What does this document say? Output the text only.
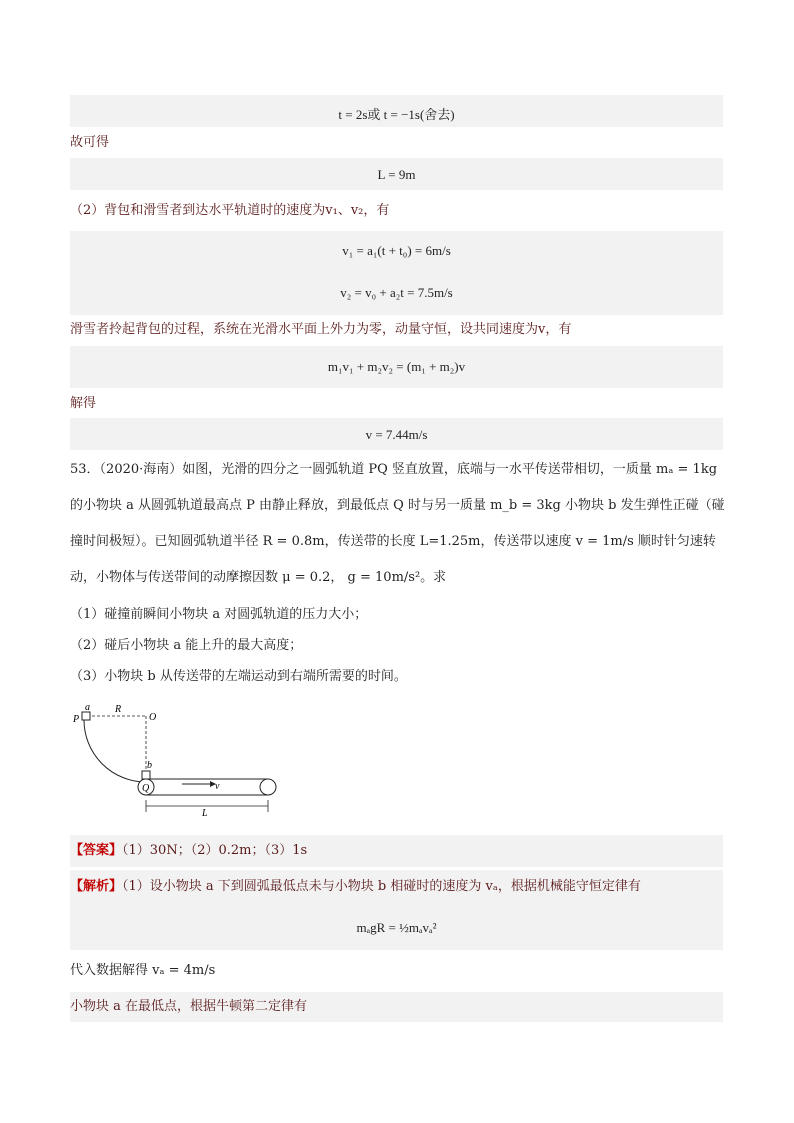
t = 2s或 t = −1s(舍去)
故可得
L = 9m
（2）背包和滑雪者到达水平轨道时的速度为v₁、v₂，有
v₁ = a₁(t + t₀) = 6m/s
v₂ = v₀ + a₂t = 7.5m/s
滑雪者拎起背包的过程，系统在光滑水平面上外力为零，动量守恒，设共同速度为v，有
m₁v₁ + m₂v₂ = (m₁ + m₂)v
解得
v = 7.44m/s
53．（2020·海南）如图，光滑的四分之一圆弧轨道 PQ 竖直放置，底端与一水平传送带相切，一质量 mₐ = 1kg
的小物块 a 从圆弧轨道最高点 P 由静止释放，到最低点 Q 时与另一质量 m_b = 3kg 小物块 b 发生弹性正碰（碰
撞时间极短）。已知圆弧轨道半径 R = 0.8m，传送带的长度 L=1.25m，传送带以速度 v = 1m/s 顺时针匀速转
动，小物体与传送带间的动摩擦因数 μ = 0.2， g = 10m/s²。求
（1）碰撞前瞬间小物块 a 对圆弧轨道的压力大小；
（2）碰后小物块 a 能上升的最大高度；
（3）小物块 b 从传送带的左端运动到右端所需要的时间。
P
a	R
O
b
Q	v
L
【答案】（1）30N；（2）0.2m；（3）1s
【解析】（1）设小物块 a 下到圆弧最低点未与小物块 b 相碰时的速度为 vₐ，根据机械能守恒定律有
mₐgR = ½mₐvₐ²
代入数据解得 vₐ = 4m/s
小物块 a 在最低点，根据牛顿第二定律有
